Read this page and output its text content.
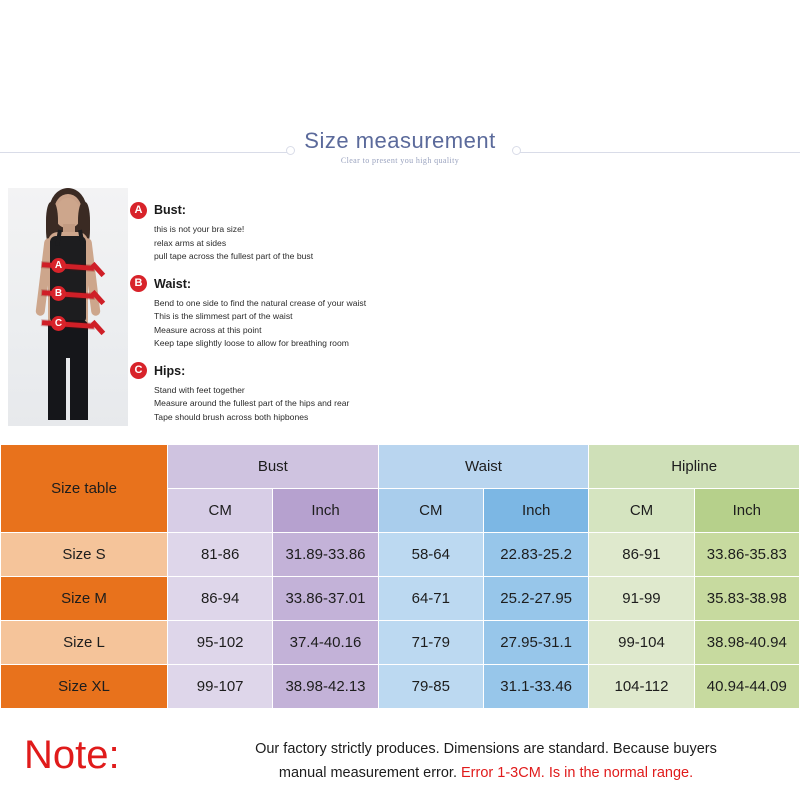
Size measurement
Clear to present you high quality
A
B
C
A Bust:
this is not your bra size!
relax arms at sides
pull tape across the fullest part of the bust
B Waist:
Bend to one side to find the natural crease of your waist
This is the slimmest part of the waist
Measure across at this point
Keep tape slightly loose to allow for breathing room
C Hips:
Stand with feet together
Measure around the fullest part of the hips and rear
Tape should brush across both hipbones
Size table	Bust		Waist		Hipline	
	CM	Inch	CM	Inch	CM	Inch
Size S	81-86	31.89-33.86	58-64	22.83-25.2	86-91	33.86-35.83
Size M	86-94	33.86-37.01	64-71	25.2-27.95	91-99	35.83-38.98
Size L	95-102	37.4-40.16	71-79	27.95-31.1	99-104	38.98-40.94
Size XL	99-107	38.98-42.13	79-85	31.1-33.46	104-112	40.94-44.09
Note:	Our factory strictly produces. Dimensions are standard. Because buyers
manual measurement error. Error 1-3CM. Is in the normal range.
